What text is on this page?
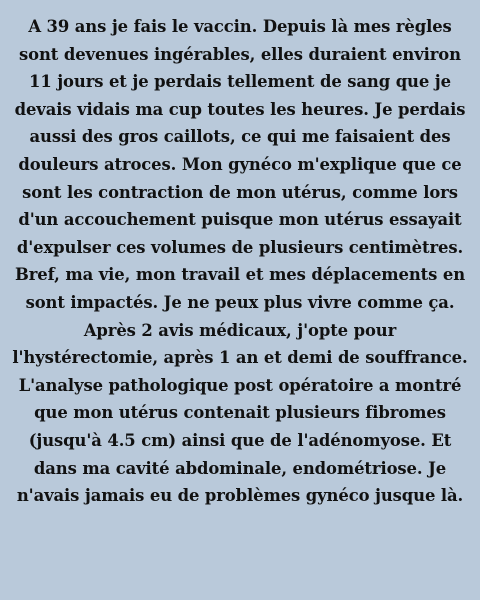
A 39 ans je fais le vaccin. Depuis là mes règles sont devenues ingérables, elles duraient environ 11 jours et je perdais tellement de sang que je devais vidais ma cup toutes les heures. Je perdais aussi des gros caillots, ce qui me faisaient des douleurs atroces. Mon gynéco m'explique que ce sont les contraction de mon utérus, comme lors d'un accouchement puisque mon utérus essayait d'expulser ces volumes de plusieurs centimètres. Bref, ma vie, mon travail et mes déplacements en sont impactés. Je ne peux plus vivre comme ça.

Après 2 avis médicaux, j'opte pour l'hystérectomie, après 1 an et demi de souffrance.

L'analyse pathologique post opératoire a montré que mon utérus contenait plusieurs fibromes (jusqu'à 4.5 cm) ainsi que de l'adénomyose. Et dans ma cavité abdominale, endométriose. Je n'avais jamais eu de problèmes gynéco jusque là.
